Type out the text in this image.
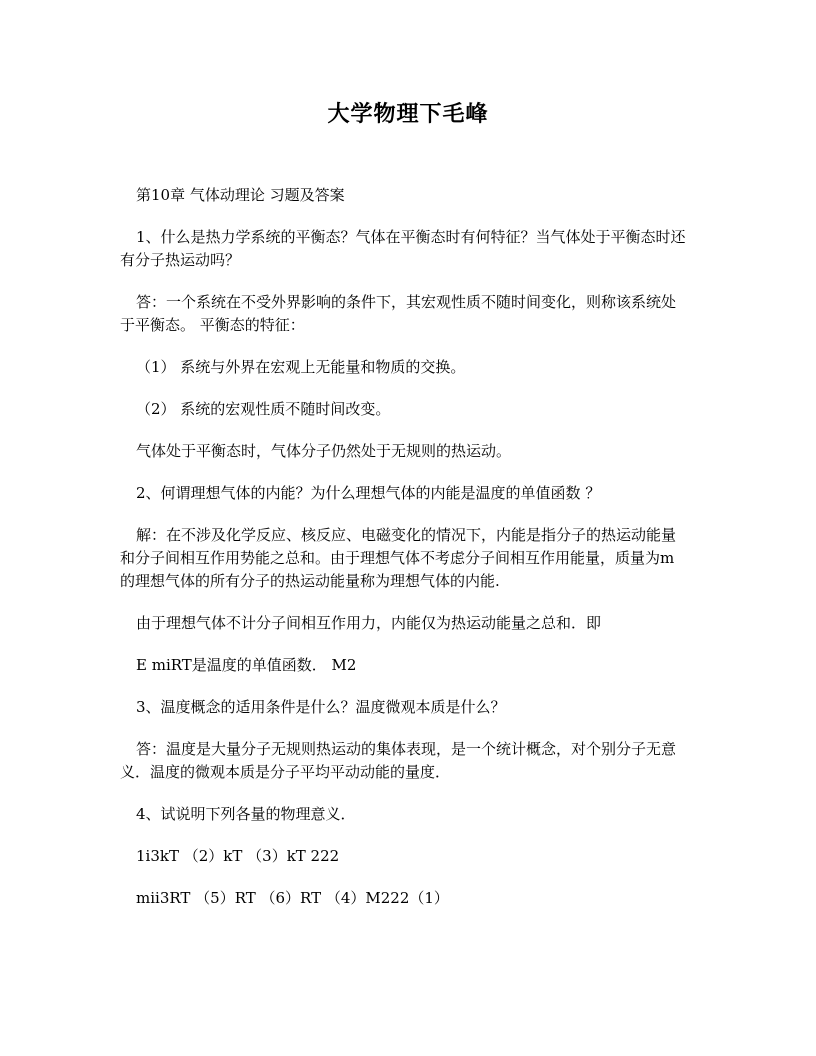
大学物理下毛峰

第10章 气体动理论 习题及答案

1、什么是热力学系统的平衡态？气体在平衡态时有何特征？当气体处于平衡态时还有分子热运动吗？

答：一个系统在不受外界影响的条件下，其宏观性质不随时间变化，则称该系统处于平衡态。 平衡态的特征：

（1） 系统与外界在宏观上无能量和物质的交换。

（2） 系统的宏观性质不随时间改变。

气体处于平衡态时，气体分子仍然处于无规则的热运动。

2、何谓理想气体的内能？为什么理想气体的内能是温度的单值函数 ？

解：在不涉及化学反应、核反应、电磁变化的情况下，内能是指分子的热运动能量和分子间相互作用势能之总和。由于理想气体不考虑分子间相互作用能量，质量为m的理想气体的所有分子的热运动能量称为理想气体的内能.

由于理想气体不计分子间相互作用力，内能仅为热运动能量之总和．即

E miRT是温度的单值函数． M2

3、温度概念的适用条件是什么？温度微观本质是什么？

答：温度是大量分子无规则热运动的集体表现，是一个统计概念，对个别分子无意义．温度的微观本质是分子平均平动动能的量度．

4、试说明下列各量的物理意义．

1i3kT （2）kT （3）kT 222

mii3RT （5）RT （6）RT （4）M222（1）
